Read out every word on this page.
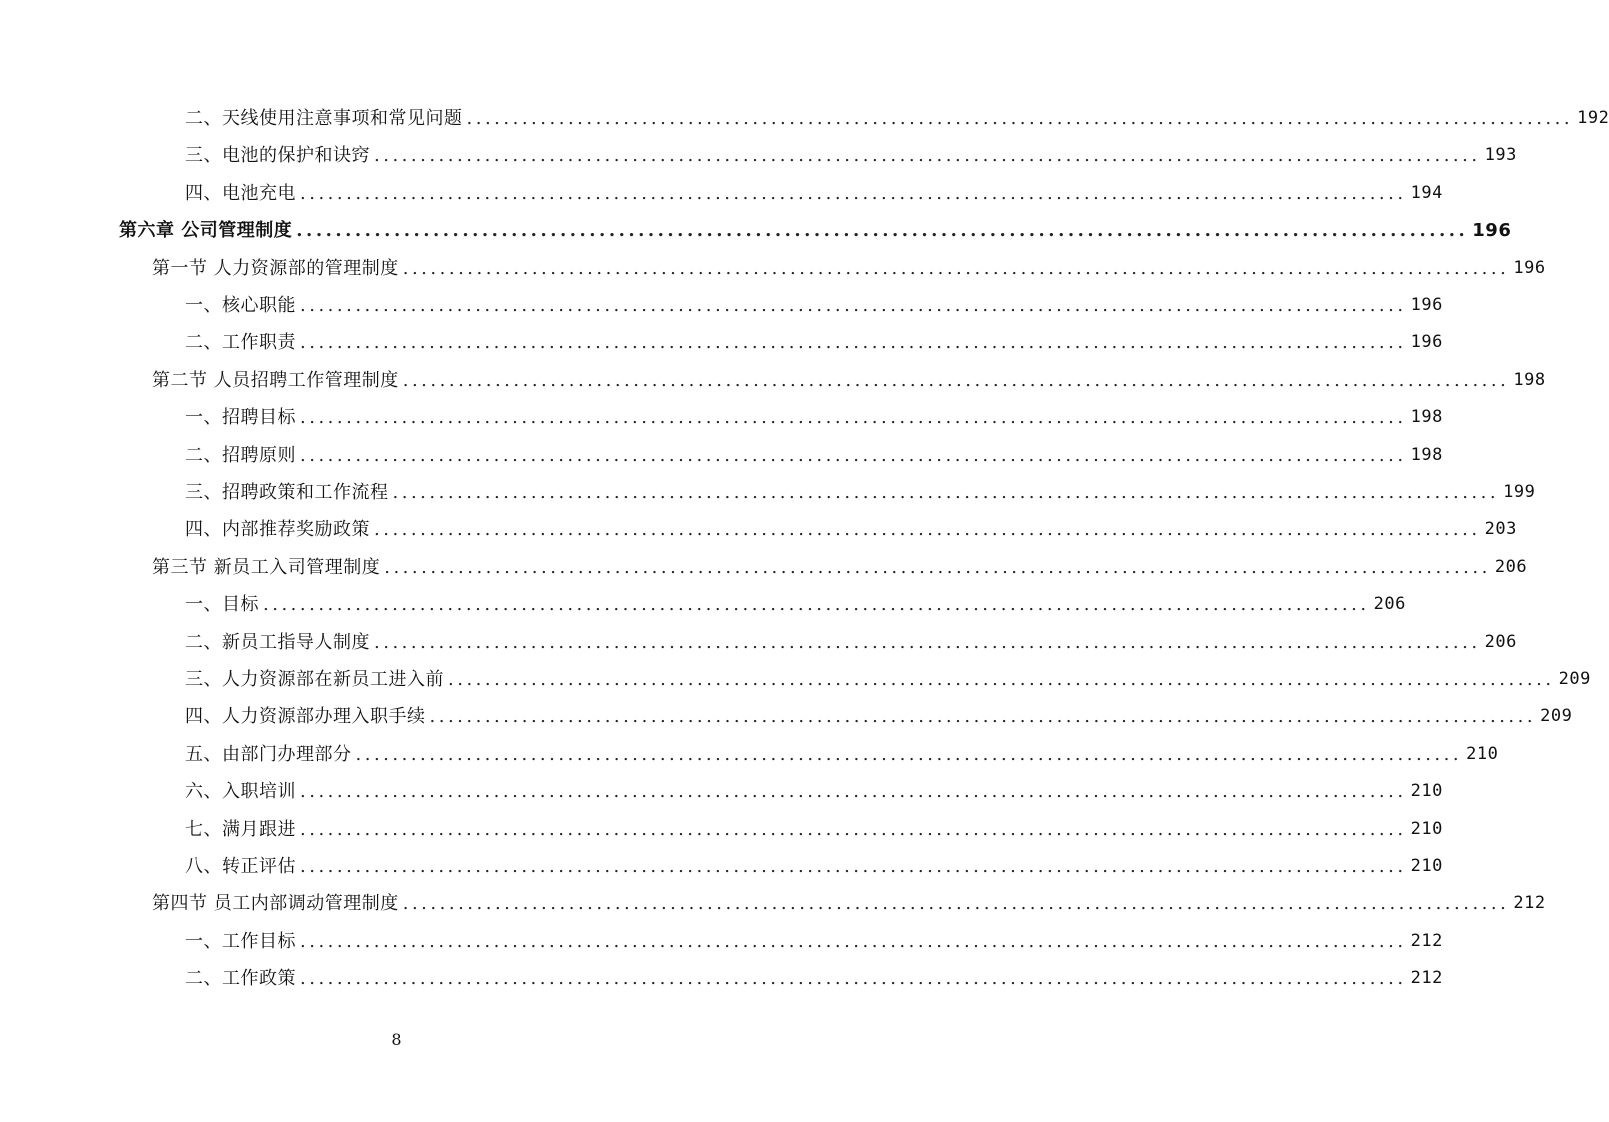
二、天线使用注意事项和常见问题 ........................................................................................................................ 192
三、电池的保护和诀窍 ........................................................................................................................ 193
四、电池充电 ........................................................................................................................ 194
第六章 公司管理制度 ........................................................................................................................ 196
第一节 人力资源部的管理制度 ........................................................................................................................ 196
一、核心职能 ........................................................................................................................ 196
二、工作职责 ........................................................................................................................ 196
第二节 人员招聘工作管理制度 ........................................................................................................................ 198
一、招聘目标 ........................................................................................................................ 198
二、招聘原则 ........................................................................................................................ 198
三、招聘政策和工作流程 ........................................................................................................................ 199
四、内部推荐奖励政策 ........................................................................................................................ 203
第三节 新员工入司管理制度 ........................................................................................................................ 206
一、目标 ........................................................................................................................ 206
二、新员工指导人制度 ........................................................................................................................ 206
三、人力资源部在新员工进入前 ........................................................................................................................ 209
四、人力资源部办理入职手续 ........................................................................................................................ 209
五、由部门办理部分 ........................................................................................................................ 210
六、入职培训 ........................................................................................................................ 210
七、满月跟进 ........................................................................................................................ 210
八、转正评估 ........................................................................................................................ 210
第四节 员工内部调动管理制度 ........................................................................................................................ 212
一、工作目标 ........................................................................................................................ 212
二、工作政策 ........................................................................................................................ 212
8
